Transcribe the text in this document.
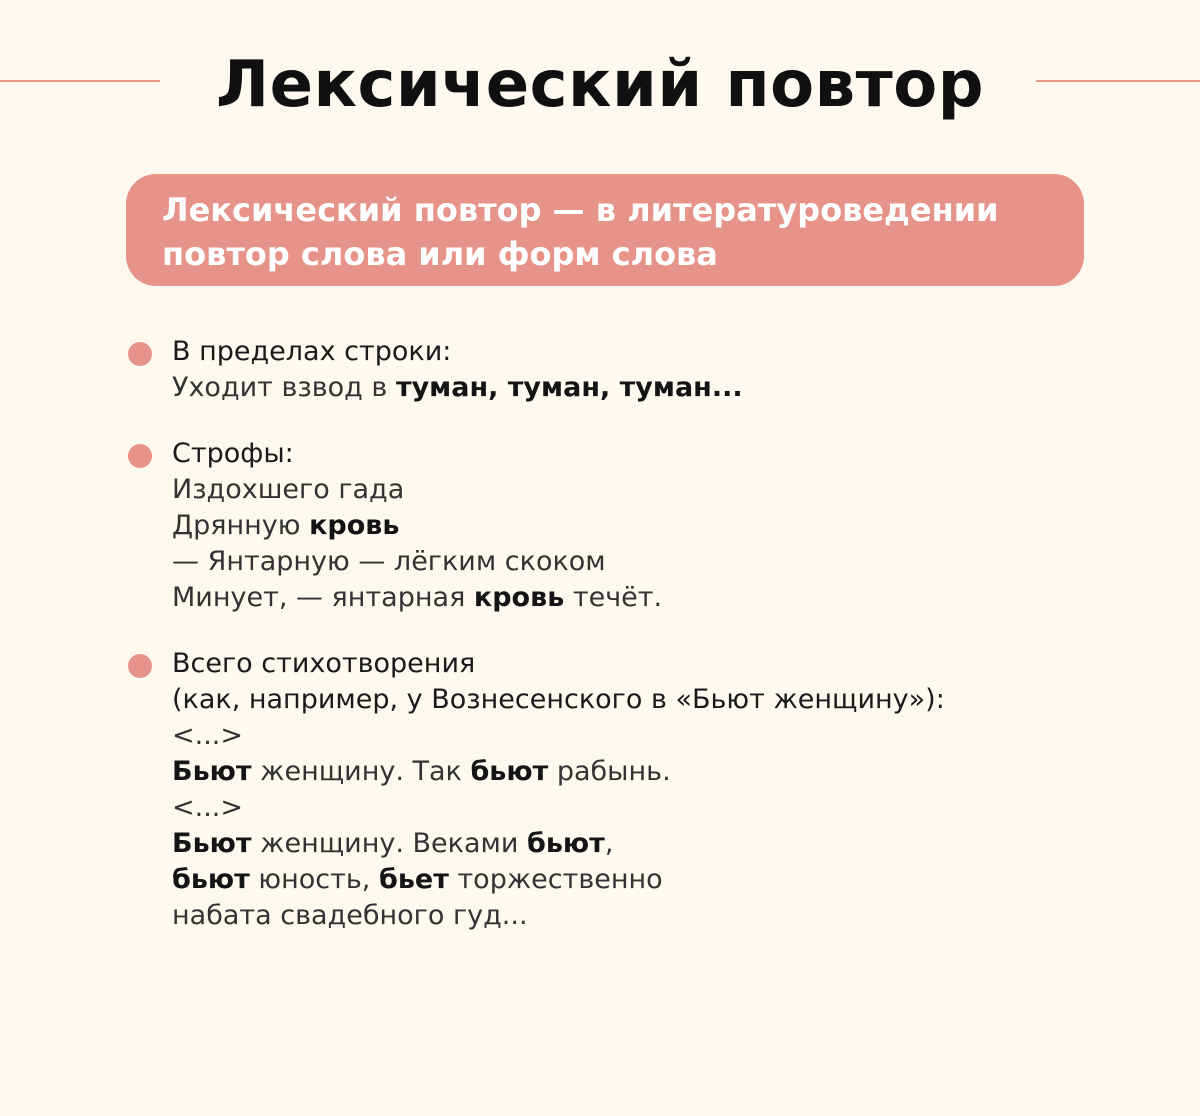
Лексический повтор
Лексический повтор — в литературоведении
повтор слова или форм слова
В пределах строки:
Уходит взвод в туман, туман, туман...
Строфы:
Издохшего гада
Дрянную кровь
— Янтарную — лёгким скоком
Минует, — янтарная кровь течёт.
Всего стихотворения
(как, например, у Вознесенского в «Бьют женщину»):
<...>
Бьют женщину. Так бьют рабынь.
<...>
Бьют женщину. Веками бьют,
бьют юность, бьет торжественно
набата свадебного гуд...
